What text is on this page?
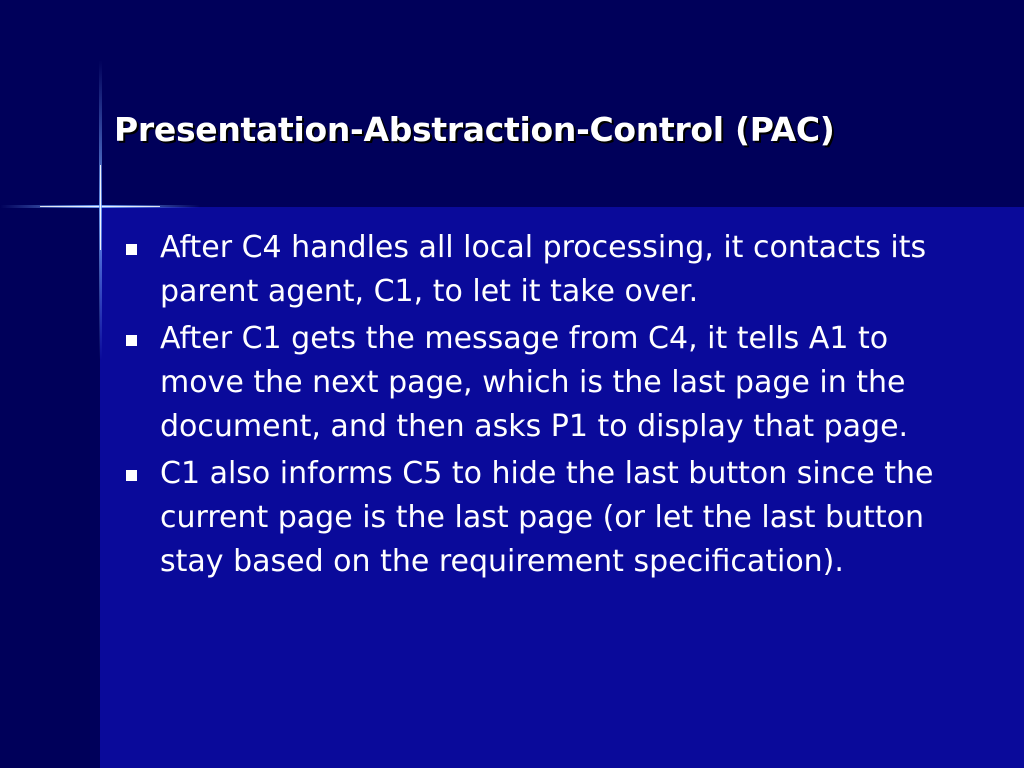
Presentation-Abstraction-Control (PAC)
After C4 handles all local processing, it contacts its parent agent, C1, to let it take over.
After C1 gets the message from C4, it tells A1 to move the next page, which is the last page in the document, and then asks P1 to display that page.
C1 also informs C5 to hide the last button since the current page is the last page (or let the last button stay based on the requirement specification).
